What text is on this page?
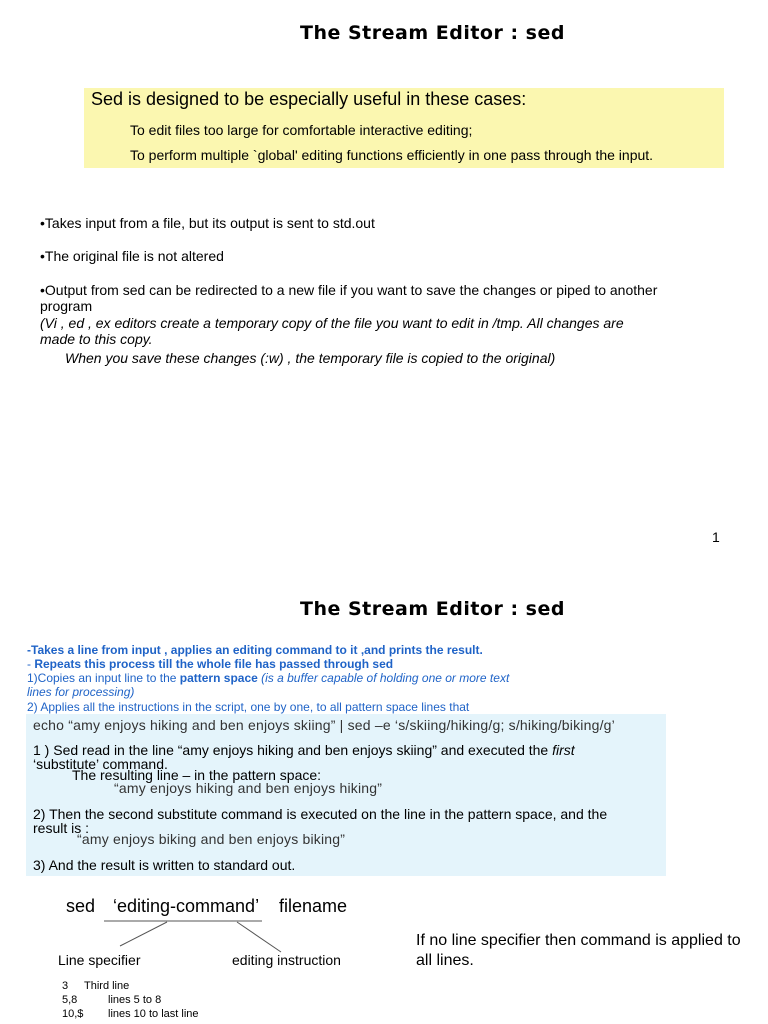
The Stream Editor : sed

Sed is designed to be especially useful in these cases:

To edit files too large for comfortable interactive editing;

To perform multiple `global' editing functions efficiently in one pass through the input.

•Takes input from a file, but its output is sent to std.out

•The original file is not altered

•Output from sed can be redirected to a new file if you want to save the changes or piped to another

program

(Vi , ed , ex editors create a temporary copy of the file you want to edit in /tmp. All changes are

made to this copy.

When you save these changes (:w) , the temporary file is copied to the original)

1

The Stream Editor : sed

-Takes a line from input , applies an editing command to it ,and prints the result.

- Repeats this process till the whole file has passed through sed

1)Copies an input line to the pattern space (is a buffer capable of holding one or more text

lines for processing)

2) Applies all the instructions in the script, one by one, to all pattern space lines that

echo “amy enjoys hiking and ben enjoys skiing” | sed –e ‘s/skiing/hiking/g; s/hiking/biking/g’

1 ) Sed read in the line “amy enjoys hiking and ben enjoys skiing” and executed the first

‘substitute’ command.

The resulting line – in the pattern space:

“amy enjoys hiking and ben enjoys hiking”

2) Then the second substitute command is executed on the line in the pattern space, and the

result is :

“amy enjoys biking and ben enjoys biking”

3) And the result is written to standard out.

sed ‘editing-command’ filename

Line specifier	editing instruction

If no line specifier then command is applied to

all lines.

3 Third line
5,8	lines 5 to 8
10,$ lines 10 to last line
